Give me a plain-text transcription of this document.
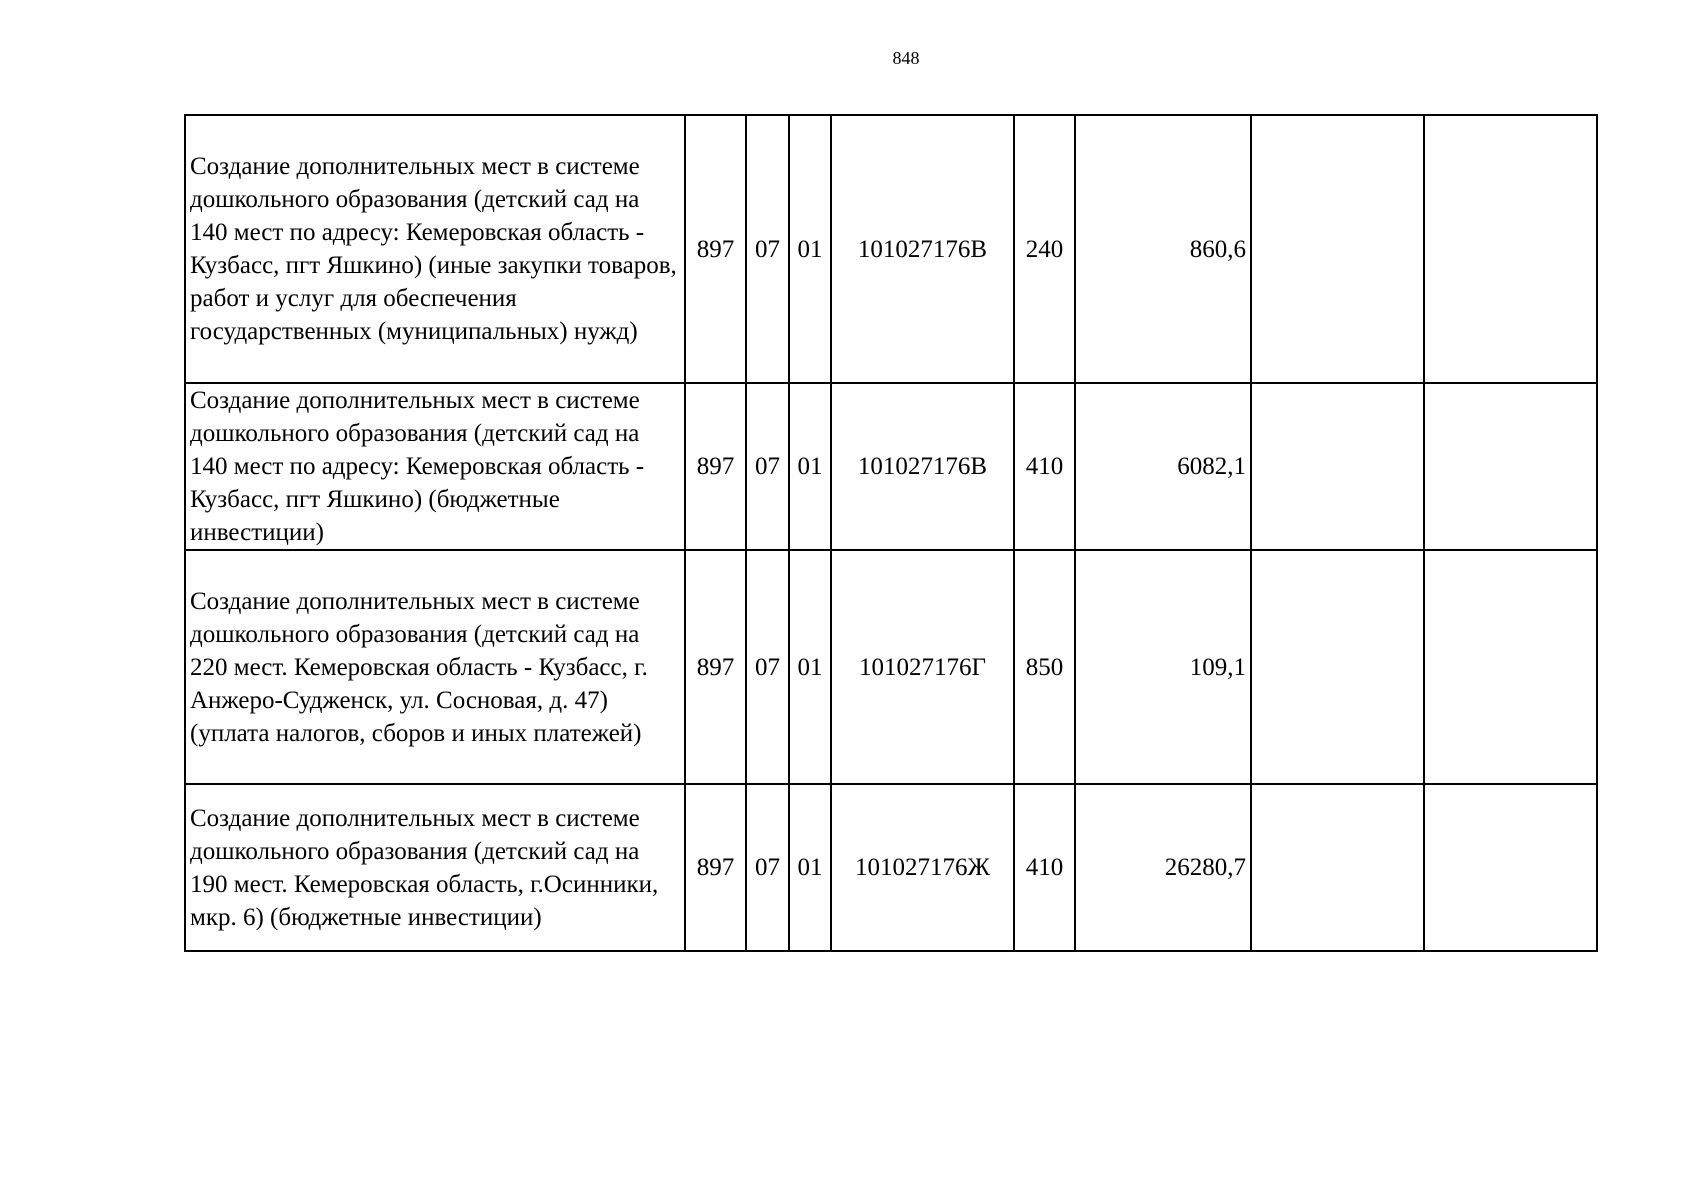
848
Создание дополнительных мест в системе дошкольного образования (детский сад на 140 мест по адресу: Кемеровская область - Кузбасс, пгт Яшкино) (иные закупки товаров, работ и услуг для обеспечения государственных (муниципальных) нужд)	897	07	01	101027176В	240	860,6		
Создание дополнительных мест в системе дошкольного образования (детский сад на 140 мест по адресу: Кемеровская область - Кузбасс, пгт Яшкино) (бюджетные инвестиции)	897	07	01	101027176В	410	6082,1		
Создание дополнительных мест в системе дошкольного образования (детский сад на 220 мест. Кемеровская область - Кузбасс, г. Анжеро-Судженск, ул. Сосновая, д. 47) (уплата налогов, сборов и иных платежей)	897	07	01	101027176Г	850	109,1		
Создание дополнительных мест в системе дошкольного образования (детский сад на 190 мест. Кемеровская область, г.Осинники, мкр. 6) (бюджетные инвестиции)	897	07	01	101027176Ж	410	26280,7		
